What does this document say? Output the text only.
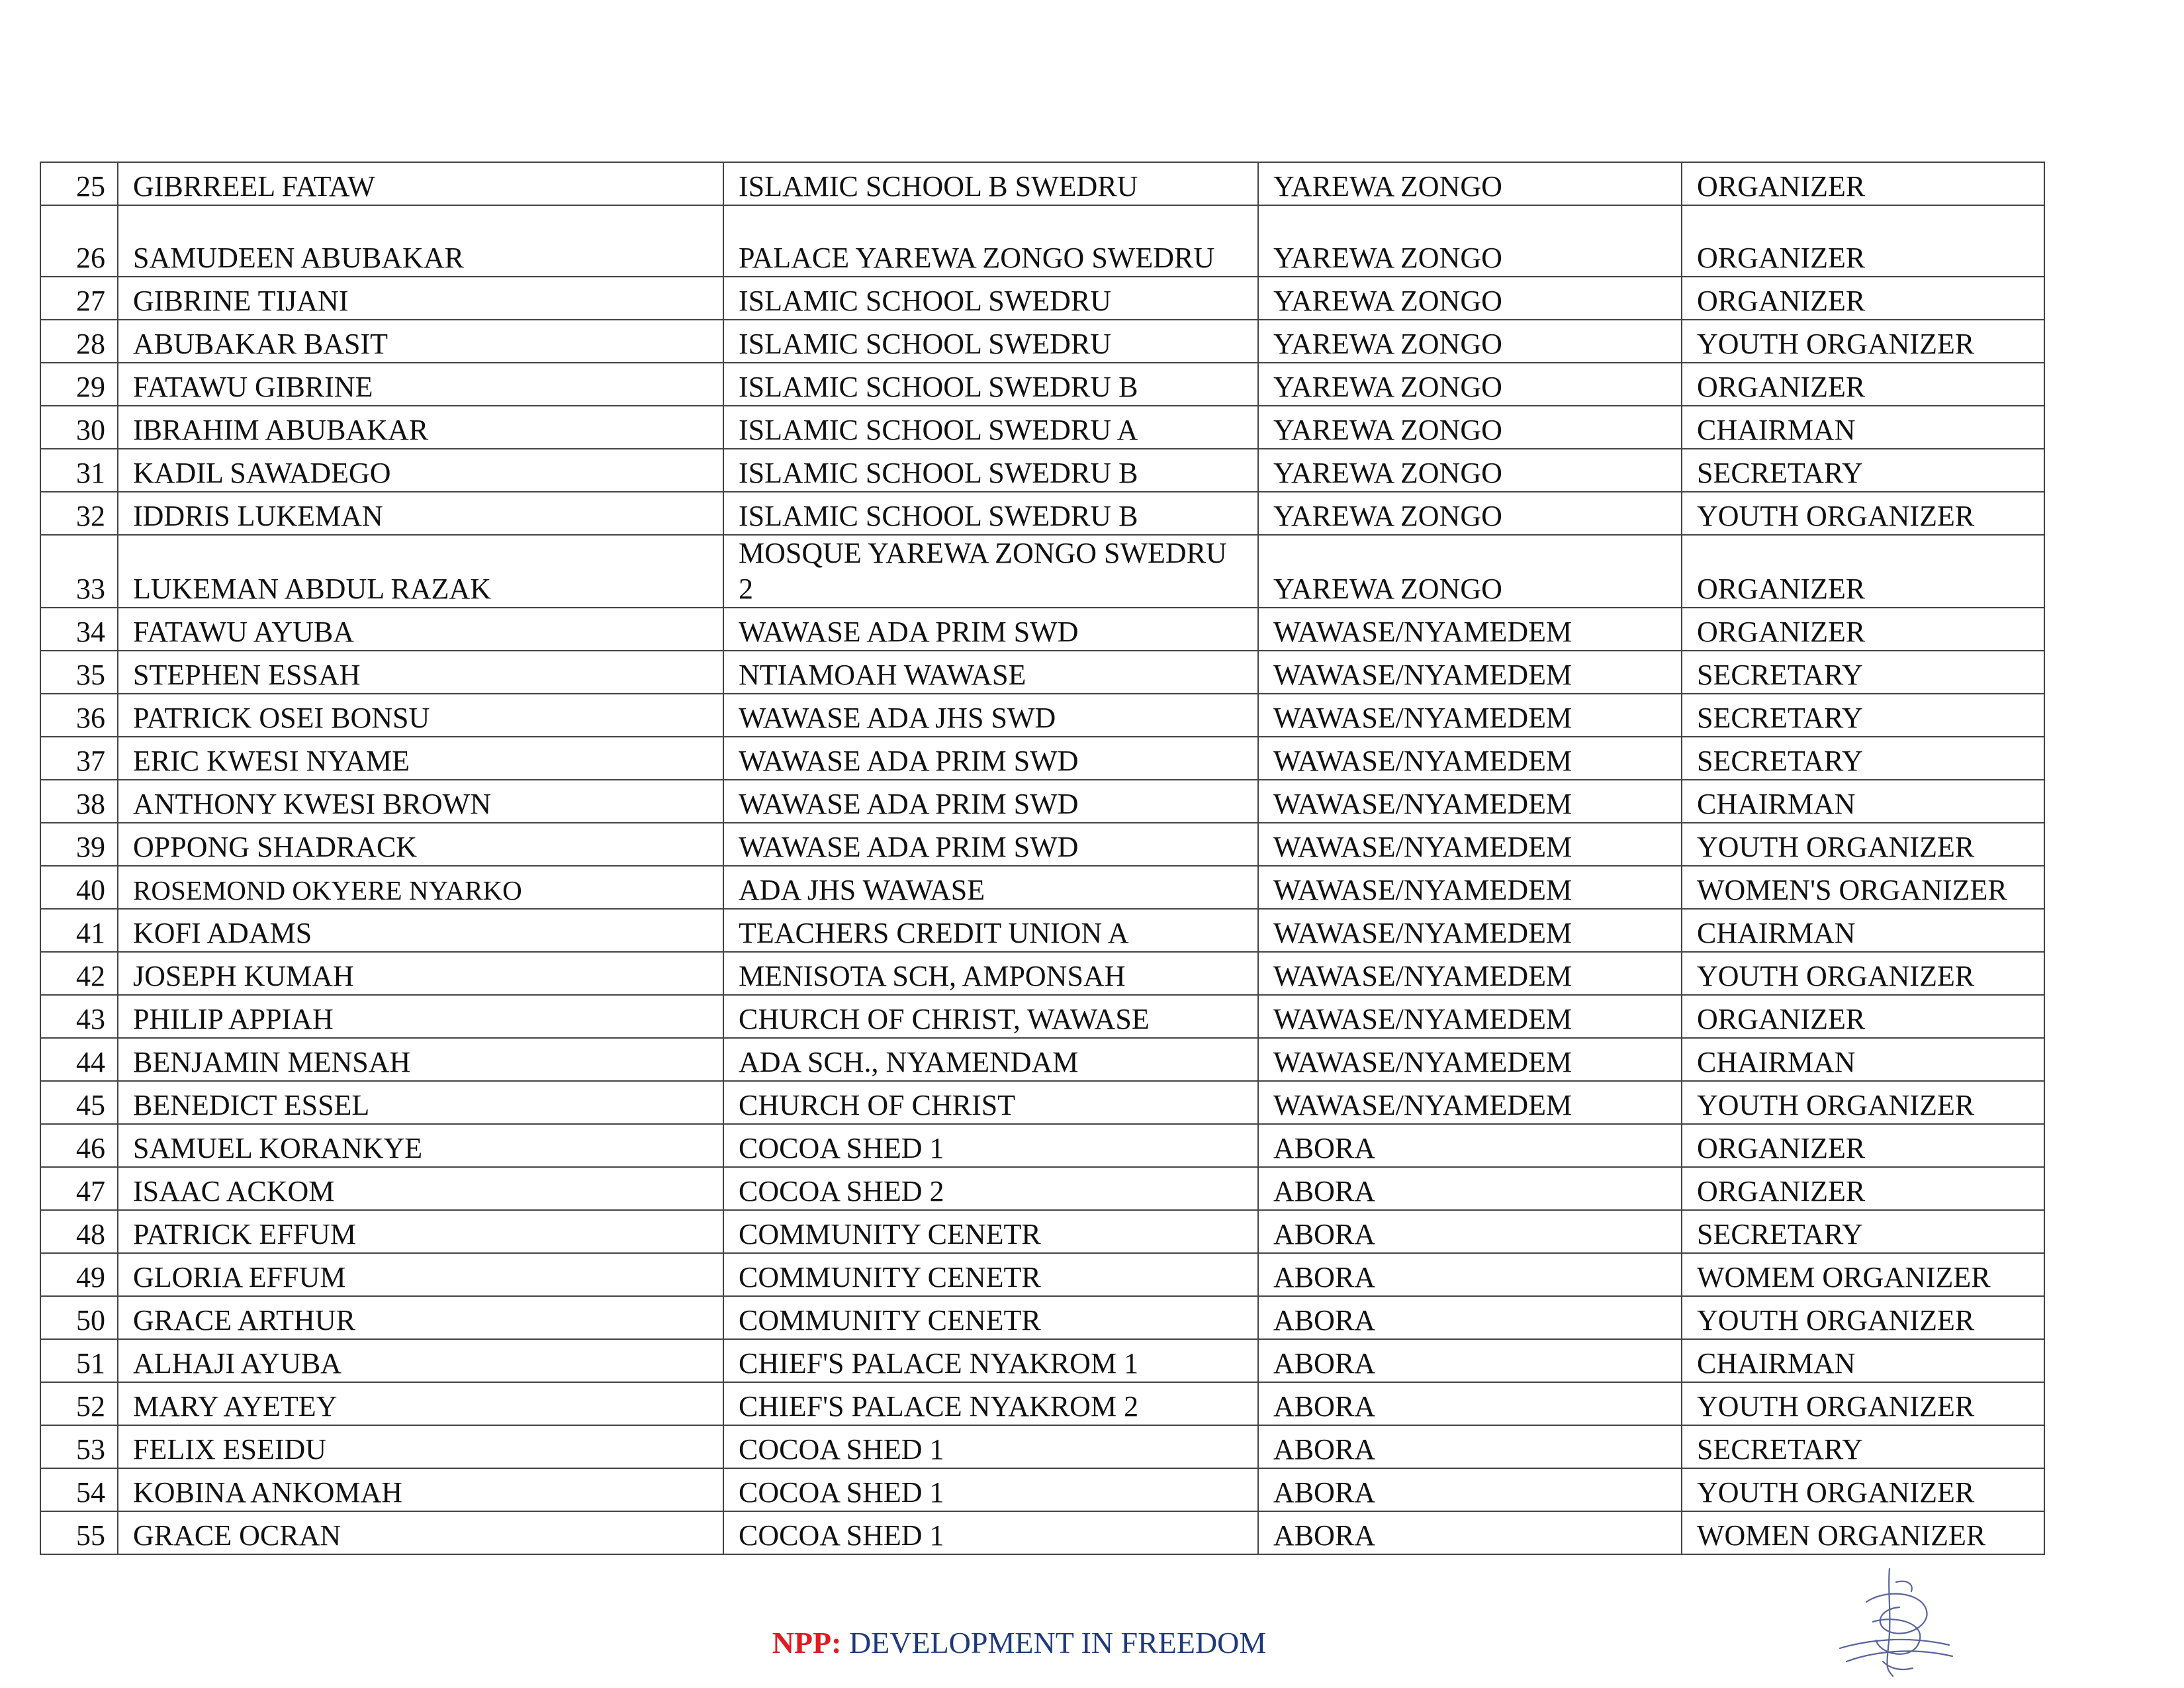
25	GIBRREEL FATAW	ISLAMIC SCHOOL B SWEDRU	YAREWA ZONGO	ORGANIZER
26	SAMUDEEN ABUBAKAR	PALACE YAREWA ZONGO SWEDRU	YAREWA ZONGO	ORGANIZER
27	GIBRINE TIJANI	ISLAMIC SCHOOL SWEDRU	YAREWA ZONGO	ORGANIZER
28	ABUBAKAR BASIT	ISLAMIC SCHOOL SWEDRU	YAREWA ZONGO	YOUTH ORGANIZER
29	FATAWU GIBRINE	ISLAMIC SCHOOL SWEDRU B	YAREWA ZONGO	ORGANIZER
30	IBRAHIM ABUBAKAR	ISLAMIC SCHOOL SWEDRU A	YAREWA ZONGO	CHAIRMAN
31	KADIL SAWADEGO	ISLAMIC SCHOOL SWEDRU B	YAREWA ZONGO	SECRETARY
32	IDDRIS LUKEMAN	ISLAMIC SCHOOL SWEDRU B	YAREWA ZONGO	YOUTH ORGANIZER
33	LUKEMAN ABDUL RAZAK	MOSQUE YAREWA ZONGO SWEDRU 2	YAREWA ZONGO	ORGANIZER
34	FATAWU AYUBA	WAWASE ADA PRIM SWD	WAWASE/NYAMEDEM	ORGANIZER
35	STEPHEN ESSAH	NTIAMOAH WAWASE	WAWASE/NYAMEDEM	SECRETARY
36	PATRICK OSEI BONSU	WAWASE ADA JHS SWD	WAWASE/NYAMEDEM	SECRETARY
37	ERIC KWESI NYAME	WAWASE ADA PRIM SWD	WAWASE/NYAMEDEM	SECRETARY
38	ANTHONY KWESI BROWN	WAWASE ADA PRIM SWD	WAWASE/NYAMEDEM	CHAIRMAN
39	OPPONG SHADRACK	WAWASE ADA PRIM SWD	WAWASE/NYAMEDEM	YOUTH ORGANIZER
40	ROSEMOND OKYERE NYARKO	ADA JHS WAWASE	WAWASE/NYAMEDEM	WOMEN'S ORGANIZER
41	KOFI ADAMS	TEACHERS CREDIT UNION A	WAWASE/NYAMEDEM	CHAIRMAN
42	JOSEPH KUMAH	MENISOTA SCH, AMPONSAH	WAWASE/NYAMEDEM	YOUTH ORGANIZER
43	PHILIP APPIAH	CHURCH OF CHRIST, WAWASE	WAWASE/NYAMEDEM	ORGANIZER
44	BENJAMIN MENSAH	ADA SCH., NYAMENDAM	WAWASE/NYAMEDEM	CHAIRMAN
45	BENEDICT ESSEL	CHURCH OF CHRIST	WAWASE/NYAMEDEM	YOUTH ORGANIZER
46	SAMUEL KORANKYE	COCOA SHED 1	ABORA	ORGANIZER
47	ISAAC ACKOM	COCOA SHED 2	ABORA	ORGANIZER
48	PATRICK EFFUM	COMMUNITY CENETR	ABORA	SECRETARY
49	GLORIA EFFUM	COMMUNITY CENETR	ABORA	WOMEM ORGANIZER
50	GRACE ARTHUR	COMMUNITY CENETR	ABORA	YOUTH ORGANIZER
51	ALHAJI AYUBA	CHIEF'S PALACE NYAKROM 1	ABORA	CHAIRMAN
52	MARY AYETEY	CHIEF'S PALACE NYAKROM 2	ABORA	YOUTH ORGANIZER
53	FELIX ESEIDU	COCOA SHED 1	ABORA	SECRETARY
54	KOBINA ANKOMAH	COCOA SHED 1	ABORA	YOUTH ORGANIZER
55	GRACE OCRAN	COCOA SHED 1	ABORA	WOMEN ORGANIZER
NPP: DEVELOPMENT IN FREEDOM
